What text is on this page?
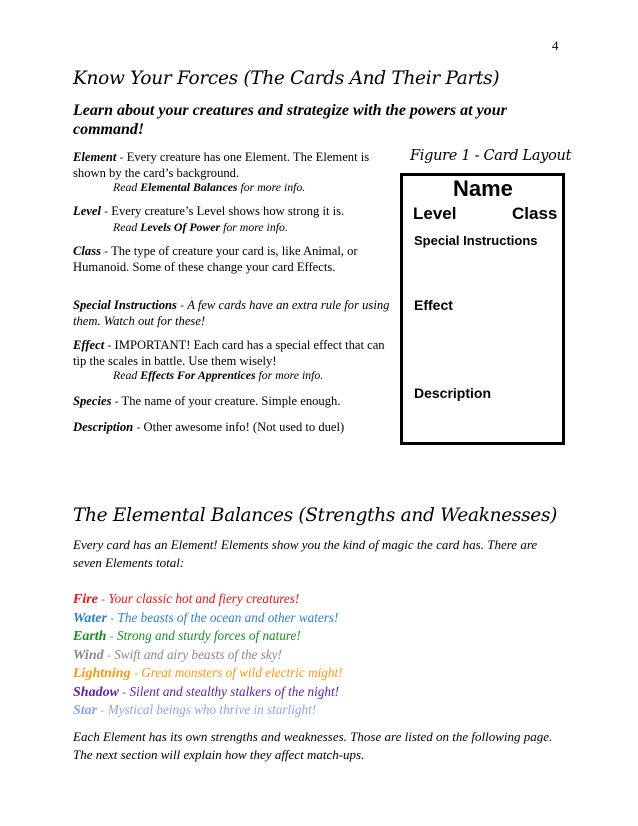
4
Know Your Forces (The Cards And Their Parts)
Learn about your creatures and strategize with the powers at your command!
Element - Every creature has one Element. The Element is shown by the card’s background.
Read Elemental Balances for more info.
Level - Every creature’s Level shows how strong it is.
Read Levels Of Power for more info.
Class - The type of creature your card is, like Animal, or Humanoid. Some of these change your card Effects.
Special Instructions - A few cards have an extra rule for using them. Watch out for these!
Effect - IMPORTANT! Each card has a special effect that can tip the scales in battle. Use them wisely!
Read Effects For Apprentices for more info.
Species - The name of your creature. Simple enough.
Description - Other awesome info! (Not used to duel)
Figure 1 - Card Layout
Name
Level	Class
Special Instructions
Effect
Description
The Elemental Balances (Strengths and Weaknesses)
Every card has an Element! Elements show you the kind of magic the card has. There are seven Elements total:
Fire - Your classic hot and fiery creatures!
Water - The beasts of the ocean and other waters!
Earth - Strong and sturdy forces of nature!
Wind - Swift and airy beasts of the sky!
Lightning - Great monsters of wild electric might!
Shadow - Silent and stealthy stalkers of the night!
Star - Mystical beings who thrive in starlight!
Each Element has its own strengths and weaknesses. Those are listed on the following page. The next section will explain how they affect match-ups.
